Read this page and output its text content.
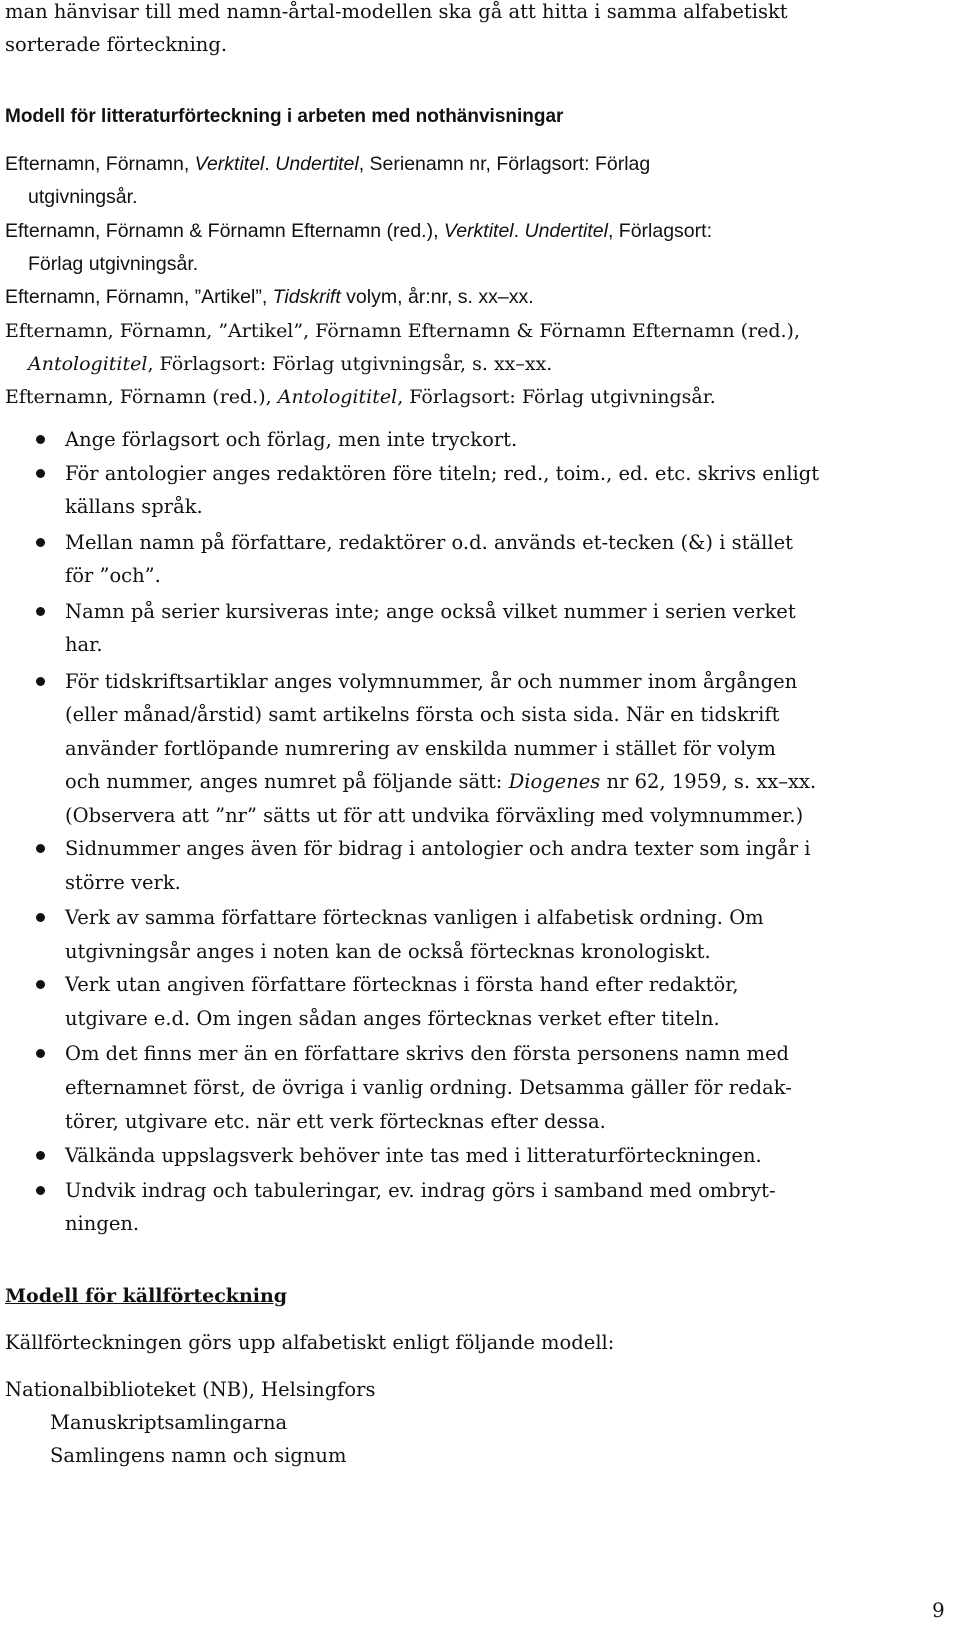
man hänvisar till med namn-årtal-modellen ska gå att hitta i samma alfabetiskt
sorterade förteckning.
Modell för litteraturförteckning i arbeten med nothänvisningar
Efternamn, Förnamn, Verktitel. Undertitel, Serienamn nr, Förlagsort: Förlag
utgivningsår.
Efternamn, Förnamn & Förnamn Efternamn (red.), Verktitel. Undertitel, Förlagsort:
Förlag utgivningsår.
Efternamn, Förnamn, ”Artikel”, Tidskrift volym, år:nr, s. xx–xx.
Efternamn, Förnamn, ”Artikel”, Förnamn Efternamn & Förnamn Efternamn (red.),
Antologititel, Förlagsort: Förlag utgivningsår, s. xx–xx.
Efternamn, Förnamn (red.), Antologititel, Förlagsort: Förlag utgivningsår.
Ange förlagsort och förlag, men inte tryckort.
För antologier anges redaktören före titeln; red., toim., ed. etc. skrivs enligt
källans språk.
Mellan namn på författare, redaktörer o.d. används et-tecken (&) i stället
för ”och”.
Namn på serier kursiveras inte; ange också vilket nummer i serien verket
har.
För tidskriftsartiklar anges volymnummer, år och nummer inom årgången
(eller månad/årstid) samt artikelns första och sista sida. När en tidskrift
använder fortlöpande numrering av enskilda nummer i stället för volym
och nummer, anges numret på följande sätt: Diogenes nr 62, 1959, s. xx–xx.
(Observera att ”nr” sätts ut för att undvika förväxling med volymnummer.)
Sidnummer anges även för bidrag i antologier och andra texter som ingår i
större verk.
Verk av samma författare förtecknas vanligen i alfabetisk ordning. Om
utgivningsår anges i noten kan de också förtecknas kronologiskt.
Verk utan angiven författare förtecknas i första hand efter redaktör,
utgivare e.d. Om ingen sådan anges förtecknas verket efter titeln.
Om det finns mer än en författare skrivs den första personens namn med
efternamnet först, de övriga i vanlig ordning. Detsamma gäller för redak-
törer, utgivare etc. när ett verk förtecknas efter dessa.
Välkända uppslagsverk behöver inte tas med i litteraturförteckningen.
Undvik indrag och tabuleringar, ev. indrag görs i samband med ombryt-
ningen.
Modell för källförteckning
Källförteckningen görs upp alfabetiskt enligt följande modell:
Nationalbiblioteket (NB), Helsingfors
Manuskriptsamlingarna
Samlingens namn och signum
9
